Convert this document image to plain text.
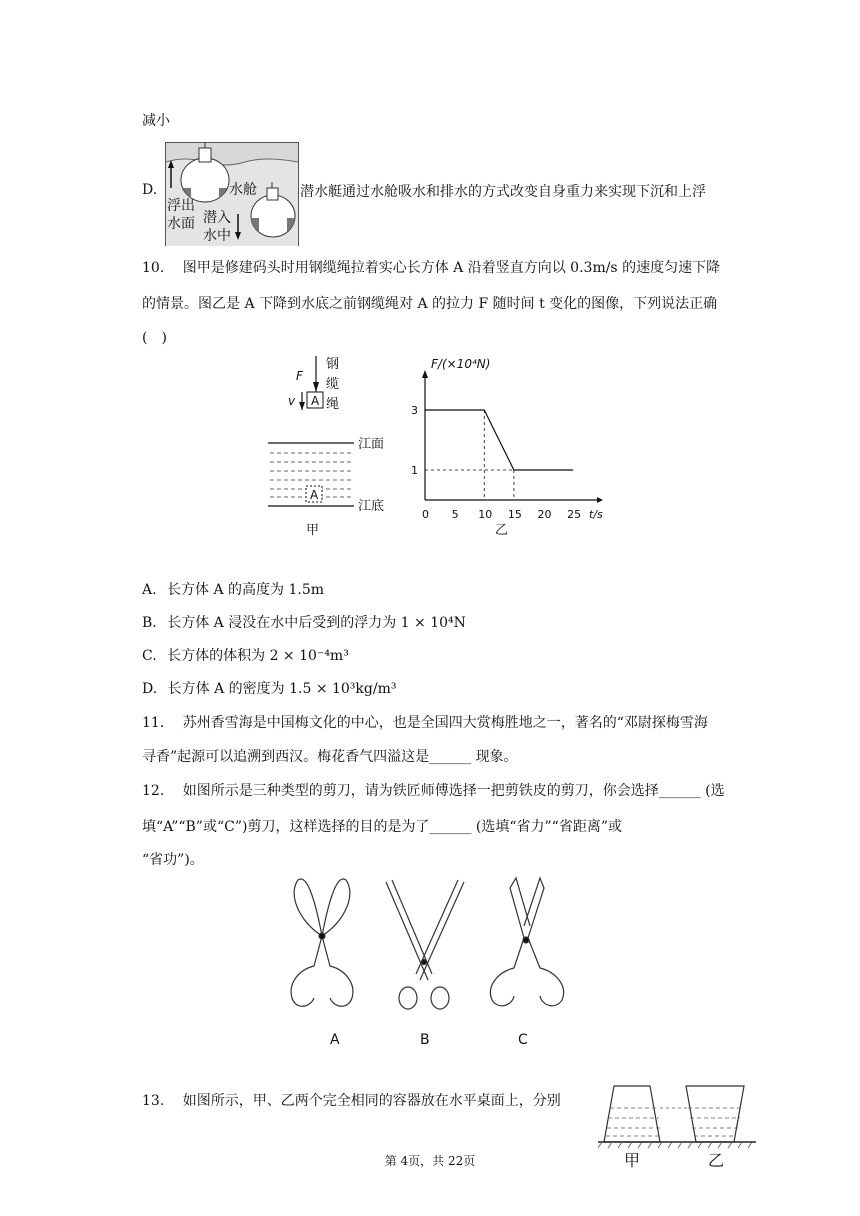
减小
D.	水舱
浮出
水面 潜入
水中
潜水艇通过水舱吸水和排水的方式改变自身重力来实现下沉和上浮
10. 图甲是修建码头时用钢缆绳拉着实心长方体 A 沿着竖直方向以 0.3m/s 的速度匀速下降
的情景。图乙是 A 下降到水底之前钢缆绳对 A 的拉力 F 随时间 t 变化的图像，下列说法正确
(　)
A
F
v
钢
缆
绳
A
江面
江底
甲
F/(×10⁴N)
t/s
0 5 10 15 20 25
1
3
乙
A. 长方体 A 的高度为 1.5m
B. 长方体 A 浸没在水中后受到的浮力为 1 × 10⁴N
C. 长方体的体积为 2 × 10⁻⁴m³
D. 长方体 A 的密度为 1.5 × 10³kg/m³
11. 苏州香雪海是中国梅文化的中心，也是全国四大赏梅胜地之一，著名的“邓尉探梅雪海
寻香”起源可以追溯到西汉。梅花香气四溢这是______ 现象。
12. 如图所示是三种类型的剪刀，请为铁匠师傅选择一把剪铁皮的剪刀，你会选择______ (选
填“A”“B”或“C”)剪刀，这样选择的目的是为了______ (选填“省力”“省距离”或
“省功”)。
A	B	C
13. 如图所示，甲、乙两个完全相同的容器放在水平桌面上，分别
甲	乙
第 4页，共 22页
